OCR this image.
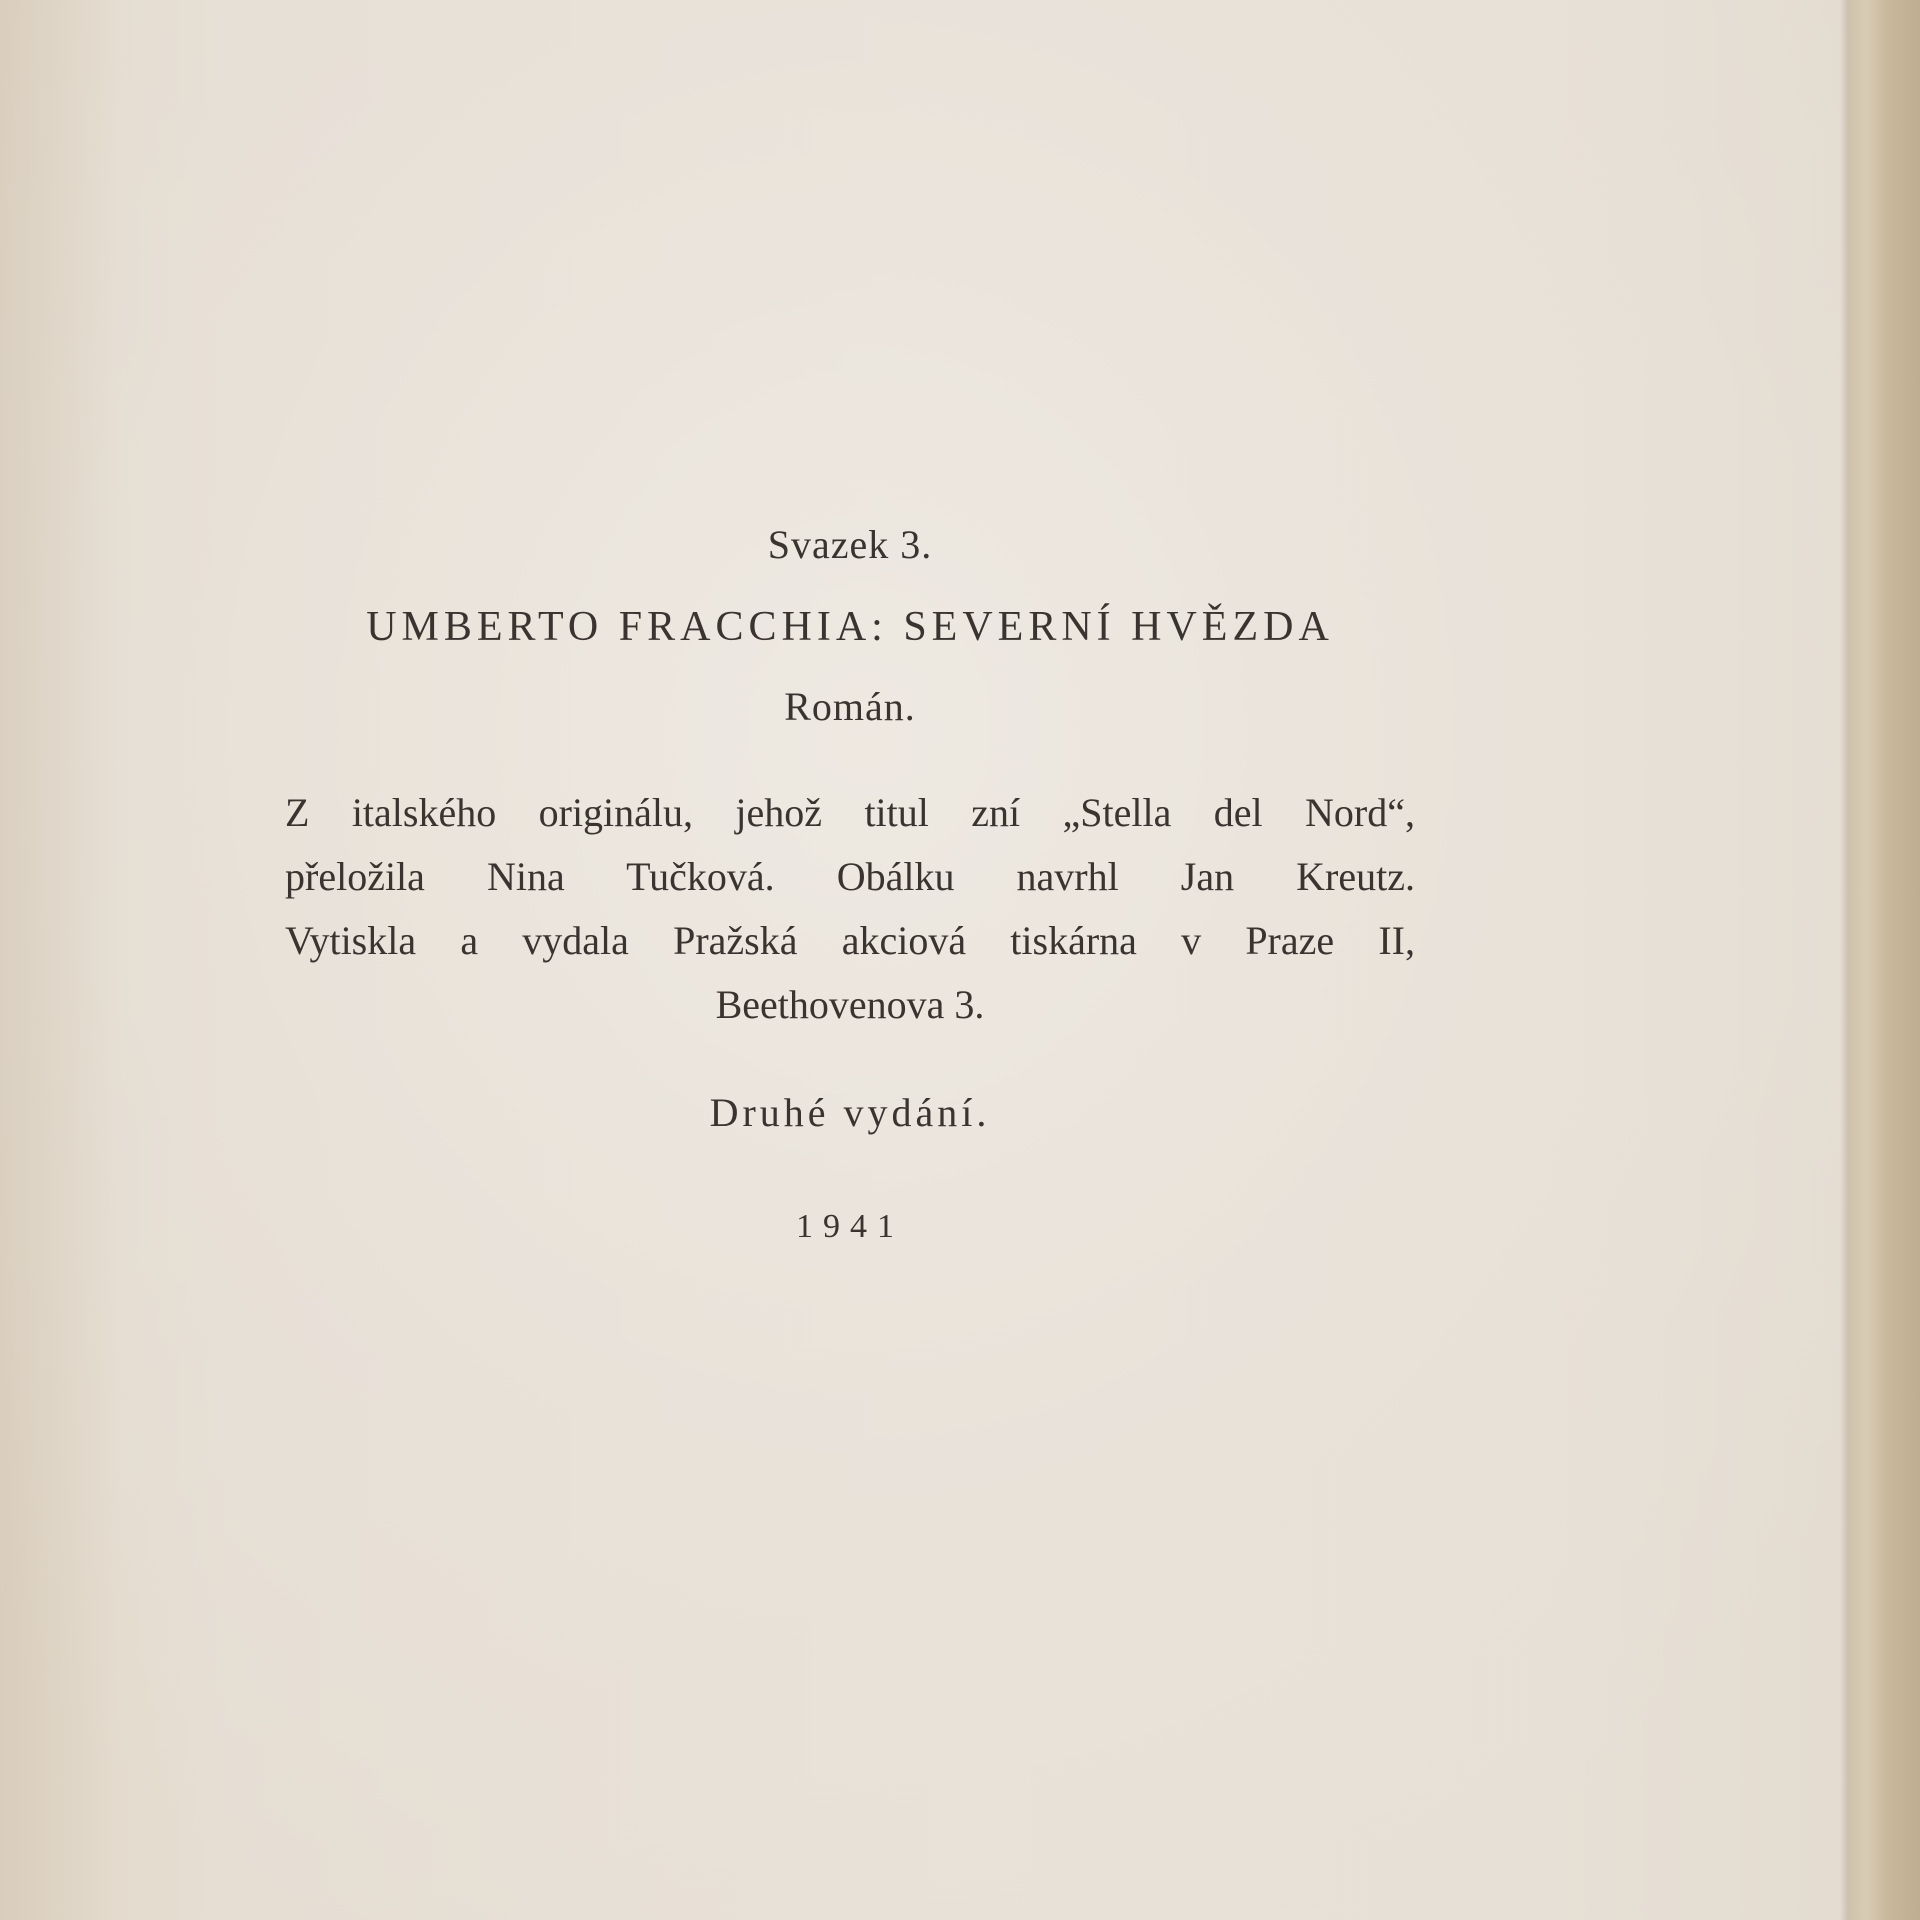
Svazek 3.

UMBERTO FRACCHIA: SEVERNÍ HVĚZDA

Román.

Z italského originálu, jehož titul zní „Stella del Nord“,
přeložila Nina Tučková. Obálku navrhl Jan Kreutz.
Vytiskla a vydala Pražská akciová tiskárna v Praze II,
Beethovenova 3.

Druhé vydání.

1941
